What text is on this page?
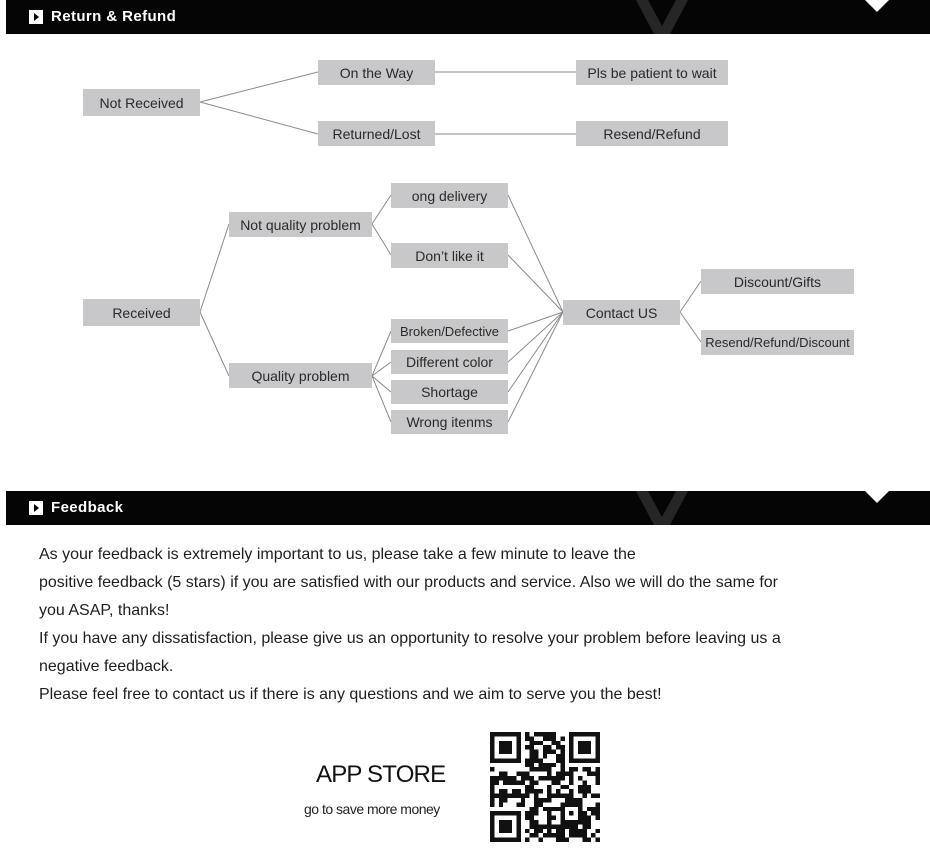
Return & Refund
Not Received
On the Way
Returned/Lost
Pls be patient to wait
Resend/Refund
Received
Not quality problem
Quality problem
ong delivery
Don’t like it
Broken/Defective
Different color
Shortage
Wrong itenms
Contact US
Discount/Gifts
Resend/Refund/Discount
Feedback

As your feedback is extremely important to us, please take a few minute to leave the

positive feedback (5 stars) if you are satisfied with our products and service. Also we will do the same for

you ASAP, thanks!

If you have any dissatisfaction, please give us an opportunity to resolve your problem before leaving us a

negative feedback.

Please feel free to contact us if there is any questions and we aim to serve you the best!

APP STORE
go to save more money
